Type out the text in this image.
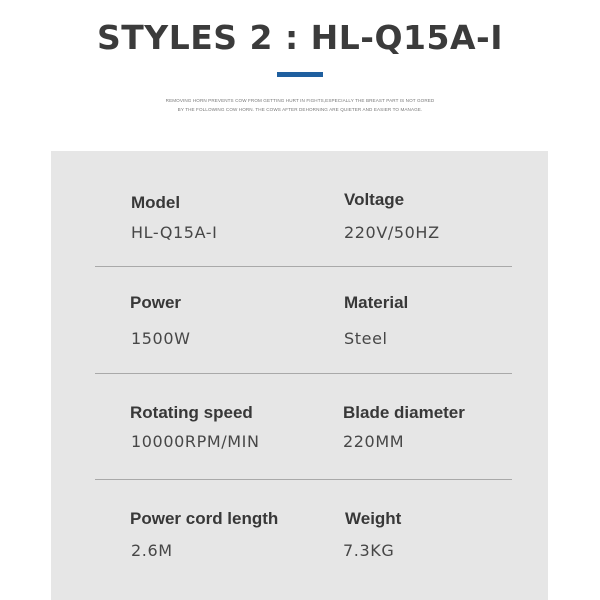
STYLES 2 : HL-Q15A-I
REMOVING HORN PREVENTS COW FROM GETTING HURT IN FIGHTS,ESPECIALLY THE BREAST PART IS NOT GORED
BY THE FOLLOWING COW HORN. THE COWS AFTER DEHORNING ARE QUIETER AND EASIER TO MANAGE.
Model
HL-Q15A-I
Voltage
220V/50HZ
Power
1500W
Material
Steel
Rotating speed
10000RPM/MIN
Blade diameter
220MM
Power cord length
2.6M
Weight
7.3KG
